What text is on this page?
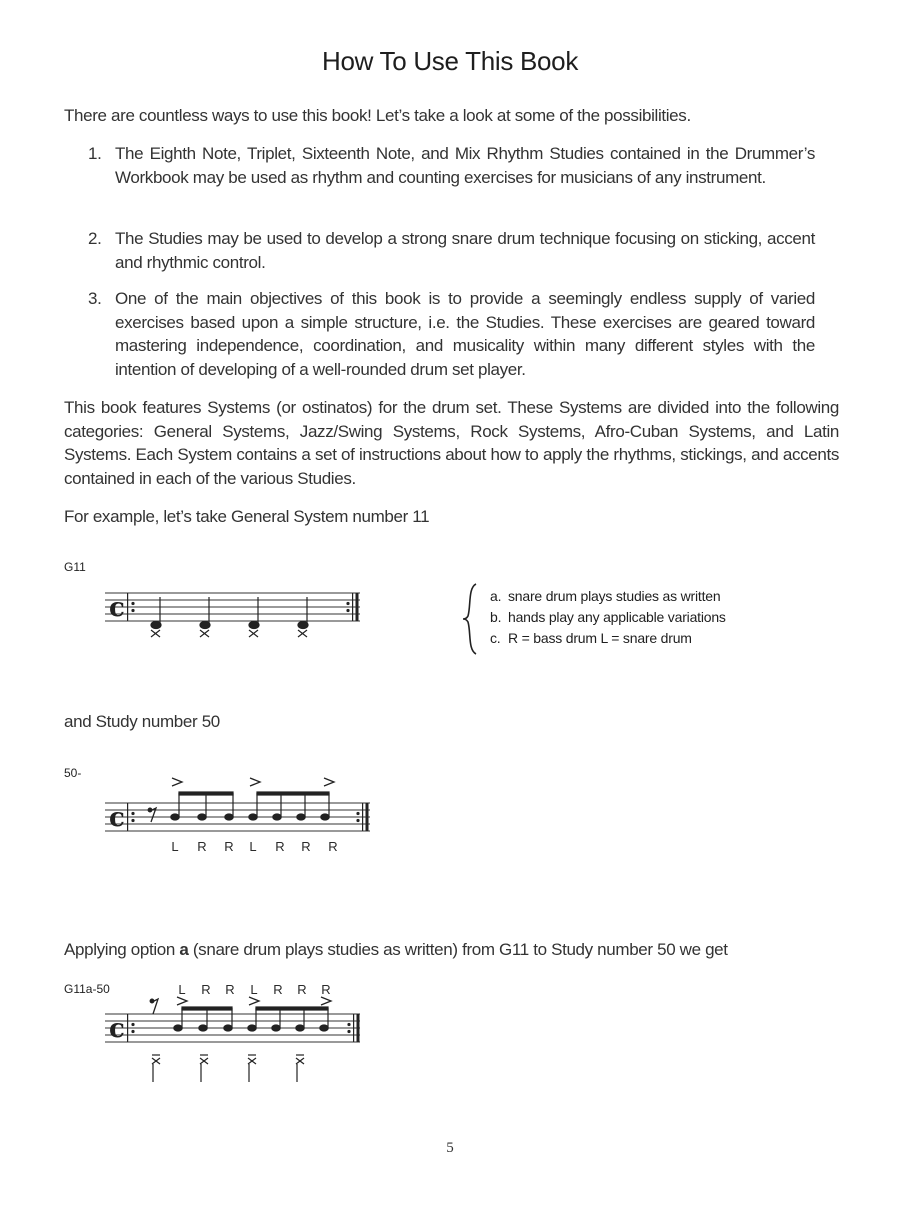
How To Use This Book
There are countless ways to use this book! Let’s take a look at some of the possibilities.
1. The Eighth Note, Triplet, Sixteenth Note, and Mix Rhythm Studies contained in the Drummer’s Workbook may be used as rhythm and counting exercises for musicians of any instrument.
2. The Studies may be used to develop a strong snare drum technique focusing on sticking, accent and rhythmic control.
3. One of the main objectives of this book is to provide a seemingly endless supply of varied exercises based upon a simple structure, i.e. the Studies. These exercises are geared toward mastering independence, coordination, and musicality within many different styles with the intention of developing of a well-rounded drum set player.
This book features Systems (or ostinatos) for the drum set. These Systems are divided into the following categories: General Systems, Jazz/Swing Systems, Rock Systems, Afro-Cuban Systems, and Latin Systems. Each System contains a set of instructions about how to apply the rhythms, stickings, and accents contained in each of the various Studies.
For example, let’s take General System number 11
G11
c	a. snare drum plays studies as written
b. hands play any applicable variations
c. R = bass drum L = snare drum
and Study number 50
50-
c
L R R L R R R
Applying option a (snare drum plays studies as written) from G11 to Study number 50 we get
G11a-50	L R R L R R R
c
5
